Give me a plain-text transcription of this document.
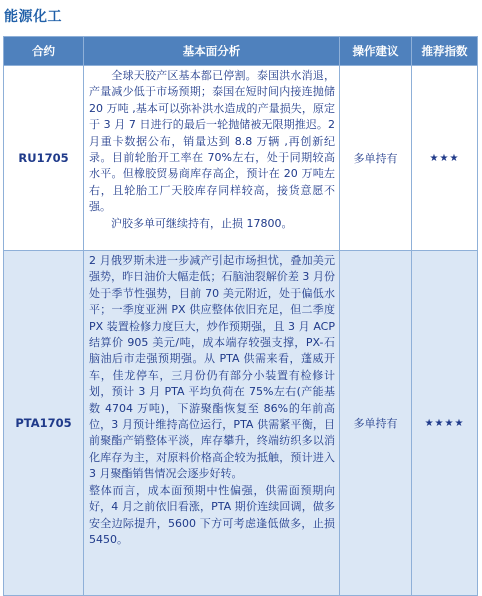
能源化工
合约	基本面分析	操作建议	推荐指数
RU1705	　　全球天胶产区基本都已停割。泰国洪水消退，产量减少低于市场预期；泰国在短时间内接连抛储 20 万吨 ,基本可以弥补洪水造成的产量损失，原定于 3 月 7 日进行的最后一轮抛储被无限期推迟。2 月重卡数据公布，销量达到 8.8 万辆 ,再创新纪录。目前轮胎开工率在 70%左右，处于同期较高水平。但橡胶贸易商库存高企，预计在 20 万吨左右，且轮胎工厂天胶库存同样较高，接货意愿不强。

　　沪胶多单可继续持有，止损 17800。	多单持有	★★★
PTA1705	2 月俄罗斯未进一步减产引起市场担忧，叠加美元强势，昨日油价大幅走低；石脑油裂解价差 3 月份处于季节性强势，目前 70 美元附近，处于偏低水平；一季度亚洲 PX 供应整体依旧充足，但二季度 PX 装置检修力度巨大，炒作预期强，且 3 月 ACP 结算价 905 美元/吨，成本端存较强支撑，PX-石脑油后市走强预期强。从 PTA 供需来看，蓬威开车，佳龙停车，三月份仍有部分小装置有检修计划，预计 3 月 PTA 平均负荷在 75%左右(产能基数 4704 万吨)，下游聚酯恢复至 86%的年前高位，3 月预计维持高位运行，PTA 供需紧平衡，目前聚酯产销整体平淡，库存攀升，终端纺织多以消化库存为主，对原料价格高企较为抵触，预计进入 3 月聚酯销售情况会逐步好转。

整体而言，成本面预期中性偏强，供需面预期向好，4 月之前依旧看涨，PTA 期价连续回调，做多安全边际提升，5600 下方可考虑逢低做多，止损 5450。	多单持有	★★★★
